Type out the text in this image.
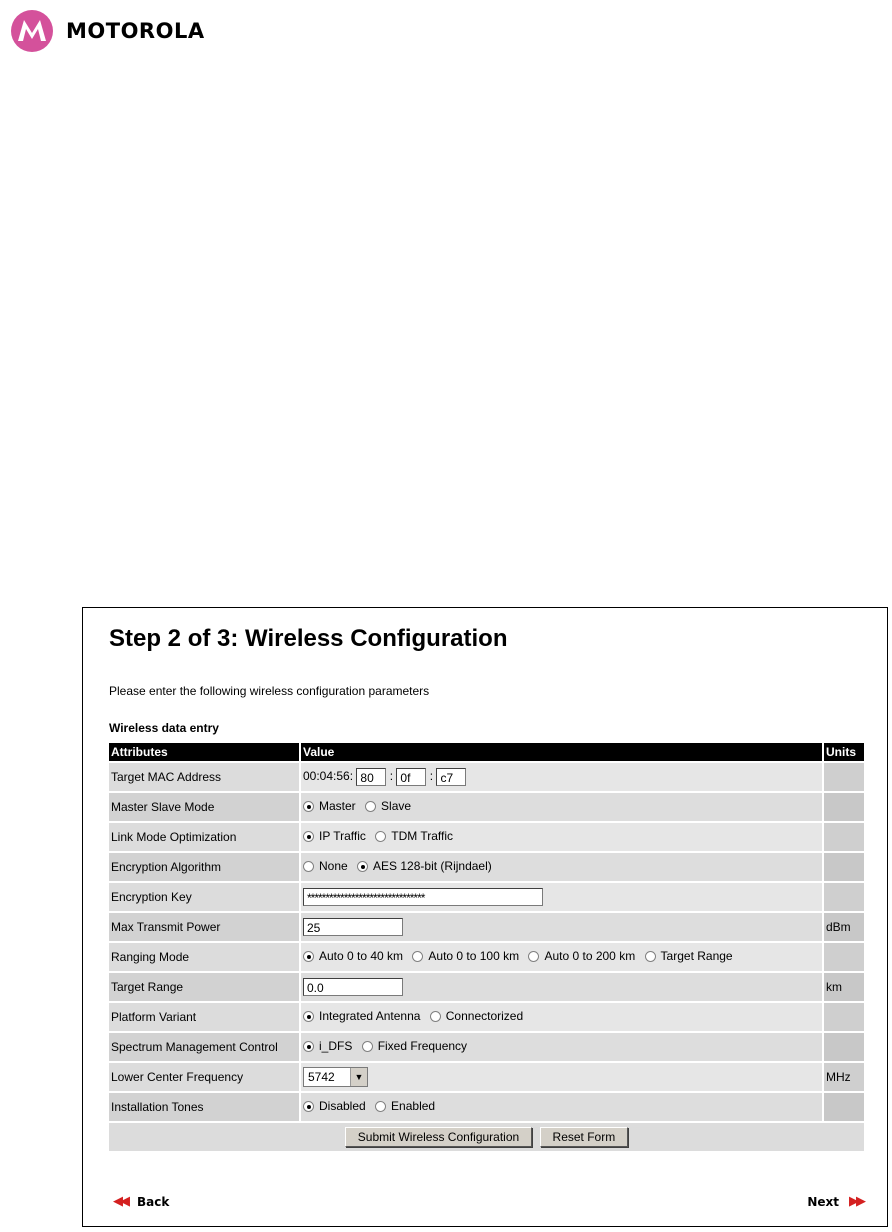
MOTOROLA
Step 2 of 3: Wireless Configuration
Please enter the following wireless configuration parameters
Wireless data entry
Attributes	Value	Units
Target MAC Address	00:04:56: 80 : 0f : c7	
Master Slave Mode	Master
Slave	

Link Mode Optimization	IP Traffic
TDM Traffic	

Encryption Algorithm	None
AES 128-bit (Rijndael)	

Encryption Key	********************************	
Max Transmit Power	25	dBm
Ranging Mode	Auto 0 to 40 km
Auto 0 to 100 km
Auto 0 to 200 km
Target Range	

Target Range	0.0	km
Platform Variant	Integrated Antenna
Connectorized	

Spectrum Management Control	i_DFS
Fixed Frequency	

Lower Center Frequency	5742 ▼	MHz
Installation Tones	Disabled
Enabled	

Submit Wireless Configuration Reset Form		
◀◀ Back	Next ▶▶
